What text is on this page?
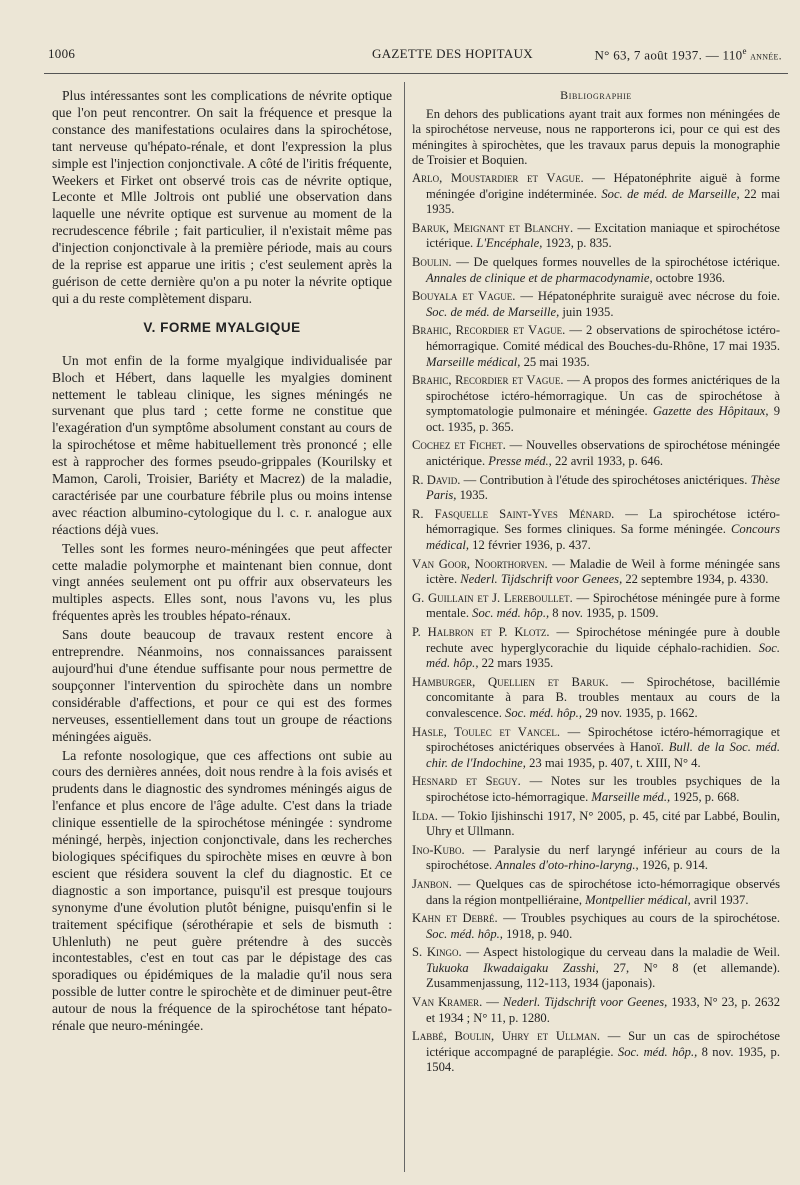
1006	GAZETTE DES HOPITAUX	N° 63, 7 août 1937. — 110e année.

Plus intéressantes sont les complications de névrite optique que l'on peut rencontrer. On sait la fréquence et presque la constance des manifestations oculaires dans la spirochétose, tant nerveuse qu'hépato-rénale, et dont l'expression la plus simple est l'injection conjonctivale. A côté de l'iritis fréquente, Weekers et Firket ont observé trois cas de névrite optique, Leconte et Mlle Joltrois ont publié une observation dans laquelle une névrite optique est survenue au moment de la recrudescence fébrile ; fait particulier, il n'existait même pas d'injection conjonctivale à la première période, mais au cours de la reprise est apparue une iritis ; c'est seulement après la guérison de cette dernière qu'on a pu noter la névrite optique qui a du reste complètement disparu.

V. FORME MYALGIQUE

Un mot enfin de la forme myalgique individualisée par Bloch et Hébert, dans laquelle les myalgies dominent nettement le tableau clinique, les signes méningés ne survenant que plus tard ; cette forme ne constitue que l'exagération d'un symptôme absolument constant au cours de la spirochétose et même habituellement très prononcé ; elle est à rapprocher des formes pseudo-grippales (Kourilsky et Mamon, Caroli, Troisier, Bariéty et Macrez) de la maladie, caractérisée par une courbature fébrile plus ou moins intense avec réaction albumino-cytologique du l. c. r. analogue aux réactions déjà vues.

Telles sont les formes neuro-méningées que peut affecter cette maladie polymorphe et maintenant bien connue, dont vingt années seulement ont pu offrir aux observateurs les multiples aspects. Elles sont, nous l'avons vu, les plus fréquentes après les troubles hépato-rénaux.

Sans doute beaucoup de travaux restent encore à entreprendre. Néanmoins, nos connaissances paraissent aujourd'hui d'une étendue suffisante pour nous permettre de soupçonner l'intervention du spirochète dans un nombre considérable d'affections, et pour ce qui est des formes nerveuses, essentiellement dans tout un groupe de réactions méningées aiguës.

La refonte nosologique, que ces affections ont subie au cours des dernières années, doit nous rendre à la fois avisés et prudents dans le diagnostic des syndromes méningés aigus de l'enfance et plus encore de l'âge adulte. C'est dans la triade clinique essentielle de la spirochétose méningée : syndrome méningé, herpès, injection conjonctivale, dans les recherches biologiques spécifiques du spirochète mises en œuvre à bon escient que résidera souvent la clef du diagnostic. Et ce diagnostic a son importance, puisqu'il est presque toujours synonyme d'une évolution plutôt bénigne, puisqu'enfin si le traitement spécifique (sérothérapie et sels de bismuth : Uhlenluth) ne peut guère prétendre à des succès incontestables, c'est en tout cas par le dépistage des cas sporadiques ou épidémiques de la maladie qu'il nous sera possible de lutter contre le spirochète et de diminuer peut-être autour de nous la fréquence de la spirochétose tant hépato-rénale que neuro-méningée.

Bibliographie

En dehors des publications ayant trait aux formes non méningées de la spirochétose nerveuse, nous ne rapporterons ici, pour ce qui est des méningites à spirochètes, que les travaux parus depuis la monographie de Troisier et Boquien.

Arlo, Moustardier et Vague. — Hépatonéphrite aiguë à forme méningée d'origine indéterminée. Soc. de méd. de Marseille, 22 mai 1935.

Baruk, Meignant et Blanchy. — Excitation maniaque et spirochétose ictérique. L'Encéphale, 1923, p. 835.

Boulin. — De quelques formes nouvelles de la spirochétose ictérique. Annales de clinique et de pharmacodynamie, octobre 1936.

Bouyala et Vague. — Hépatonéphrite suraiguë avec nécrose du foie. Soc. de méd. de Marseille, juin 1935.

Brahic, Recordier et Vague. — 2 observations de spirochétose ictéro-hémorragique. Comité médical des Bouches-du-Rhône, 17 mai 1935. Marseille médical, 25 mai 1935.

Brahic, Recordier et Vague. — A propos des formes anictériques de la spirochétose ictéro-hémorragique. Un cas de spirochétose à symptomatologie pulmonaire et méningée. Gazette des Hôpitaux, 9 oct. 1935, p. 365.

Cochez et Fichet. — Nouvelles observations de spirochétose méningée anictérique. Presse méd., 22 avril 1933, p. 646.

R. David. — Contribution à l'étude des spirochétoses anictériques. Thèse Paris, 1935.

R. Fasquelle Saint-Yves Ménard. — La spirochétose ictéro-hémorragique. Ses formes cliniques. Sa forme méningée. Concours médical, 12 février 1936, p. 437.

Van Goor, Noorthorven. — Maladie de Weil à forme méningée sans ictère. Nederl. Tijdschrift voor Genees, 22 septembre 1934, p. 4330.

G. Guillain et J. Lereboullet. — Spirochétose méningée pure à forme mentale. Soc. méd. hôp., 8 nov. 1935, p. 1509.

P. Halbron et P. Klotz. — Spirochétose méningée pure à double rechute avec hyperglycorachie du liquide céphalo-rachidien. Soc. méd. hôp., 22 mars 1935.

Hamburger, Quellien et Baruk. — Spirochétose, bacillémie concomitante à para B. troubles mentaux au cours de la convalescence. Soc. méd. hôp., 29 nov. 1935, p. 1662.

Hasle, Toulec et Vancel. — Spirochétose ictéro-hémorragique et spirochétoses anictériques observées à Hanoï. Bull. de la Soc. méd. chir. de l'Indochine, 23 mai 1935, p. 407, t. XIII, N° 4.

Hesnard et Seguy. — Notes sur les troubles psychiques de la spirochétose icto-hémorragique. Marseille méd., 1925, p. 668.

Ilda. — Tokio Ijishinschi 1917, N° 2005, p. 45, cité par Labbé, Boulin, Uhry et Ullmann.

Ino-Kubo. — Paralysie du nerf laryngé inférieur au cours de la spirochétose. Annales d'oto-rhino-laryng., 1926, p. 914.

Janbon. — Quelques cas de spirochétose icto-hémorragique observés dans la région montpelliéraine, Montpellier médical, avril 1937.

Kahn et Debré. — Troubles psychiques au cours de la spirochétose. Soc. méd. hôp., 1918, p. 940.

S. Kingo. — Aspect histologique du cerveau dans la maladie de Weil. Tukuoka Ikwadaigaku Zasshi, 27, N° 8 (et allemande). Zusammenjassung, 112-113, 1934 (japonais).

Van Kramer. — Nederl. Tijdschrift voor Geenes, 1933, N° 23, p. 2632 et 1934 ; N° 11, p. 1280.

Labbé, Boulin, Uhry et Ullman. — Sur un cas de spirochétose ictérique accompagné de paraplégie. Soc. méd. hôp., 8 nov. 1935, p. 1504.
